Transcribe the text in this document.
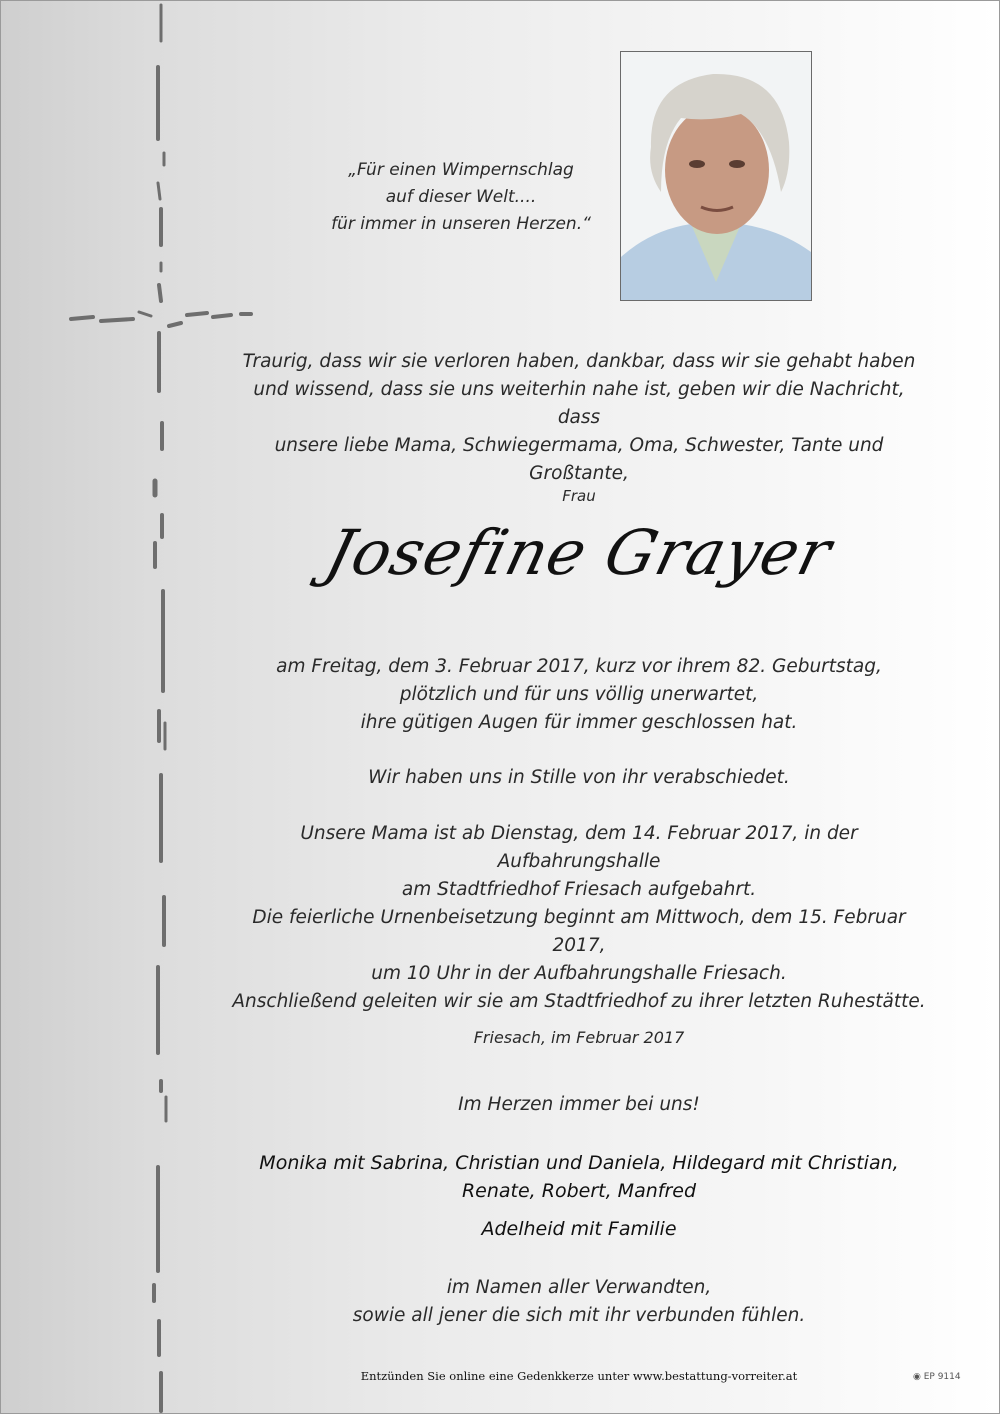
„Für einen Wimpernschlag
auf dieser Welt....
für immer in unseren Herzen.“
Traurig, dass wir sie verloren haben, dankbar, dass wir sie gehabt haben
und wissend, dass sie uns weiterhin nahe ist, geben wir die Nachricht, dass
unsere liebe Mama, Schwiegermama, Oma, Schwester, Tante und Großtante,
Frau
Josefine Grayer
am Freitag, dem 3. Februar 2017, kurz vor ihrem 82. Geburtstag,
plötzlich und für uns völlig unerwartet,
ihre gütigen Augen für immer geschlossen hat.
Wir haben uns in Stille von ihr verabschiedet.
Unsere Mama ist ab Dienstag, dem 14. Februar 2017, in der Aufbahrungshalle
am Stadtfriedhof Friesach aufgebahrt.
Die feierliche Urnenbeisetzung beginnt am Mittwoch, dem 15. Februar 2017,
um 10 Uhr in der Aufbahrungshalle Friesach.
Anschließend geleiten wir sie am Stadtfriedhof zu ihrer letzten Ruhestätte.
Friesach, im Februar 2017
Im Herzen immer bei uns!
Monika mit Sabrina, Christian und Daniela, Hildegard mit Christian,
Renate, Robert, Manfred
Adelheid mit Familie
im Namen aller Verwandten,
sowie all jener die sich mit ihr verbunden fühlen.
Entzünden Sie online eine Gedenkkerze unter www.bestattung-vorreiter.at	◉ EP 9114
